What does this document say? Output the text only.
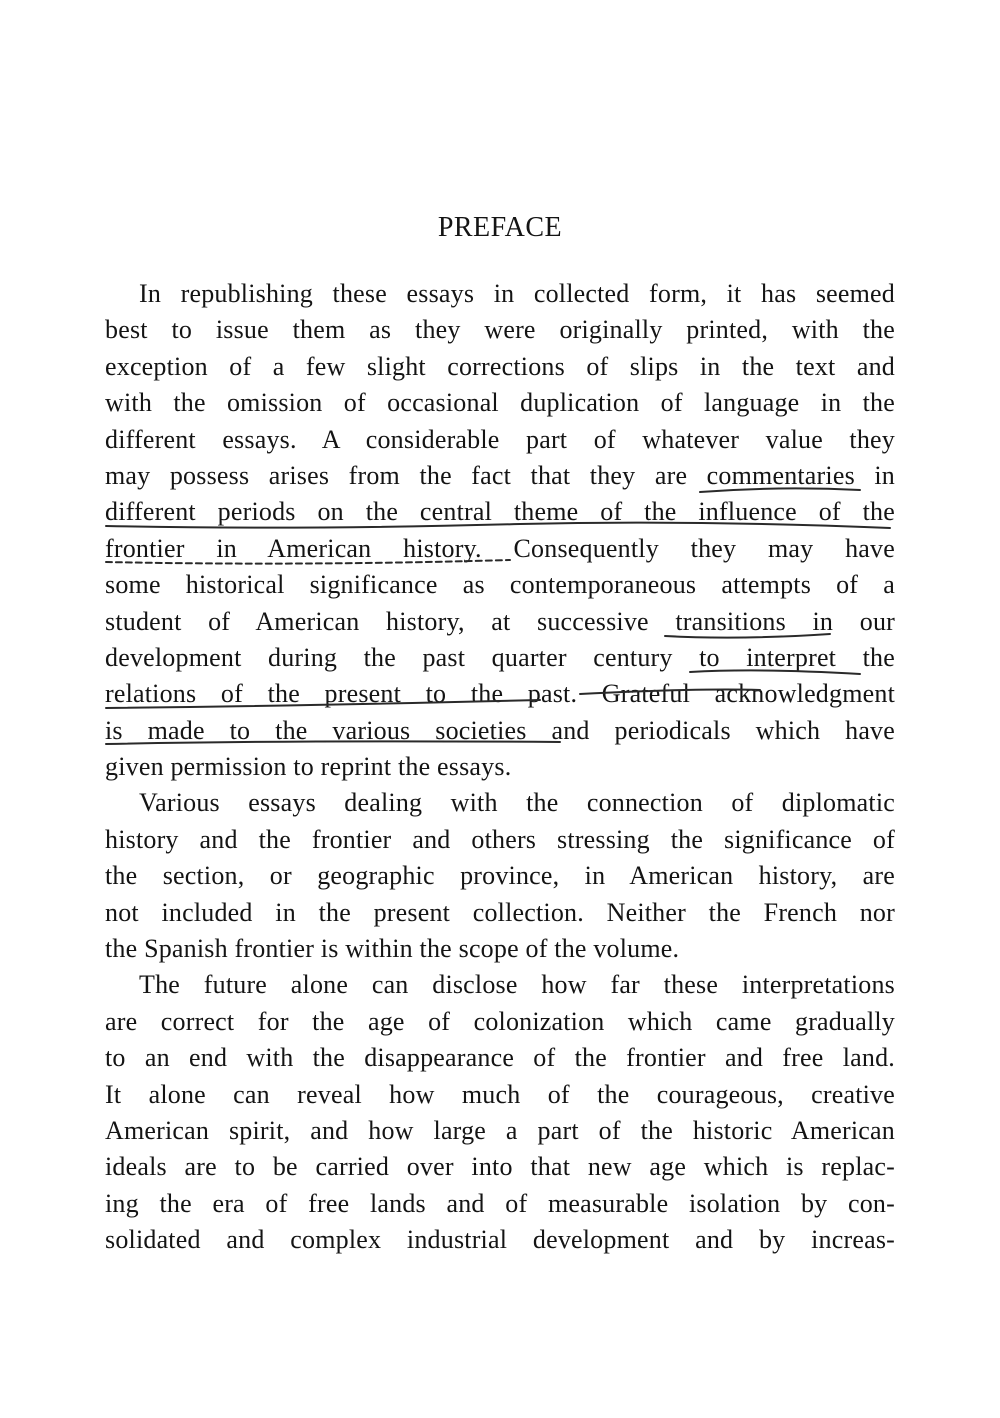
PREFACE
In republishing these essays in collected form, it has seemed
best to issue them as they were originally printed, with the
exception of a few slight corrections of slips in the text and
with the omission of occasional duplication of language in the
different essays. A considerable part of whatever value they
may possess arises from the fact that they are commentaries in
different periods on the central theme of the influence of the
frontier in American history. Consequently they may have
some historical significance as contemporaneous attempts of a
student of American history, at successive transitions in our
development during the past quarter century to interpret the
relations of the present to the past. Grateful acknowledgment
is made to the various societies and periodicals which have
given permission to reprint the essays.
Various essays dealing with the connection of diplomatic
history and the frontier and others stressing the significance of
the section, or geographic province, in American history, are
not included in the present collection. Neither the French nor
the Spanish frontier is within the scope of the volume.
The future alone can disclose how far these interpretations
are correct for the age of colonization which came gradually
to an end with the disappearance of the frontier and free land.
It alone can reveal how much of the courageous, creative
American spirit, and how large a part of the historic American
ideals are to be carried over into that new age which is replac-
ing the era of free lands and of measurable isolation by con-
solidated and complex industrial development and by increas-
